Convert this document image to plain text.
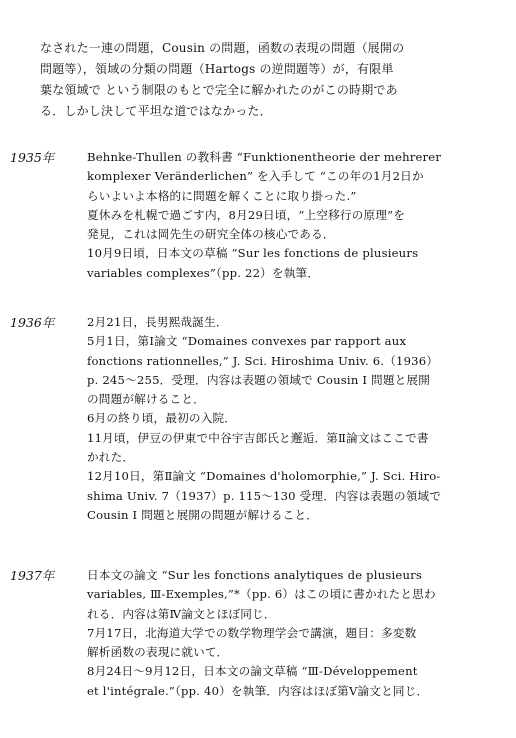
なされた一連の問題，Cousin の問題，函数の表現の問題（展開の
問題等），領域の分類の問題（Hartogs の逆問題等）が，有限単
葉な領域で という制限のもとで完全に解かれたのがこの時期であ
る．しかし決して平坦な道ではなかった．
1935年	Behnke-Thullen の教科書 “Funktionentheorie der mehrerer
komplexer Veränderlichen” を入手して “この年の1月2日か
らいよいよ本格的に問題を解くことに取り掛った.”
夏休みを札幌で過ごす内，8月29日頃，“上空移行の原理”を
発見，これは岡先生の研究全体の核心である．
10月9日頃，日本文の草稿 “Sur les fonctions de plusieurs
variables complexes”（pp. 22）を執筆．
1936年	2月21日，長男熙哉誕生．
5月1日，第Ⅰ論文 “Domaines convexes par rapport aux
fonctions rationnelles,” J. Sci. Hiroshima Univ. 6.（1936）
p. 245～255．受理．内容は表題の領域で Cousin Ⅰ 問題と展開
の問題が解けること．
6月の終り頃，最初の入院．
11月頃，伊豆の伊東で中谷宇吉郎氏と邂逅．第Ⅱ論文はここで書
かれた．
12月10日，第Ⅱ論文 “Domaines d'holomorphie,” J. Sci. Hiro-
shima Univ. 7（1937）p. 115～130 受理．内容は表題の領域で
Cousin Ⅰ 問題と展開の問題が解けること．
1937年	日本文の論文 “Sur les fonctions analytiques de plusieurs
variables, Ⅲ-Exemples,”*（pp. 6）はこの頃に書かれたと思わ
れる．内容は第Ⅳ論文とほぼ同じ．
7月17日，北海道大学での数学物理学会で講演，題目：多変数
解析函数の表現に就いて．
8月24日～9月12日，日本文の論文草稿 “Ⅲ-Développement
et l'intégrale.”（pp. 40）を執筆．内容はほぼ第Ⅴ論文と同じ．
